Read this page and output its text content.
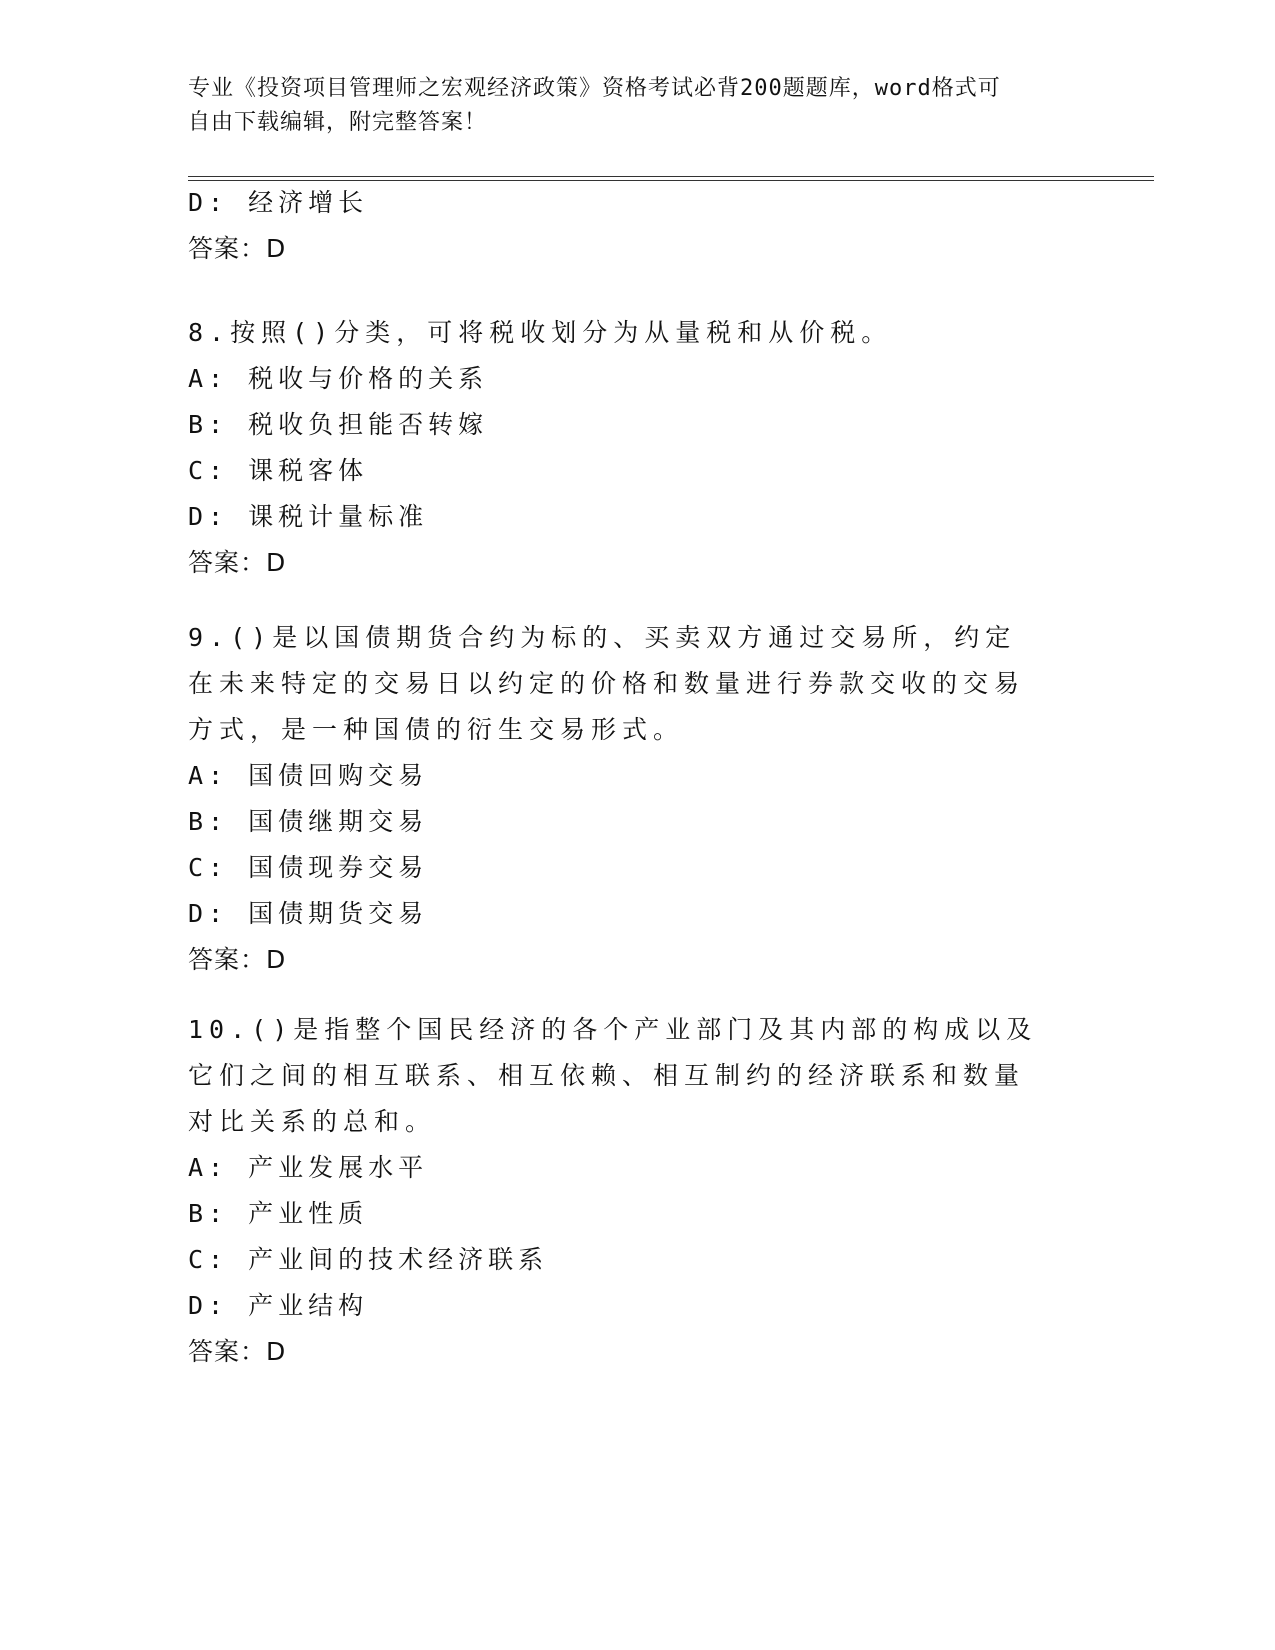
专业《投资项目管理师之宏观经济政策》资格考试必背200题题库，word格式可
自由下载编辑，附完整答案！
D: 经济增长
答案：D
8.按照()分类，可将税收划分为从量税和从价税。
A: 税收与价格的关系
B: 税收负担能否转嫁
C: 课税客体
D: 课税计量标准
答案：D
9.()是以国债期货合约为标的、买卖双方通过交易所，约定在未来特定的交易日以约定的价格和数量进行券款交收的交易方式，是一种国债的衍生交易形式。
A: 国债回购交易
B: 国债继期交易
C: 国债现券交易
D: 国债期货交易
答案：D
10.()是指整个国民经济的各个产业部门及其内部的构成以及它们之间的相互联系、相互依赖、相互制约的经济联系和数量对比关系的总和。
A: 产业发展水平
B: 产业性质
C: 产业间的技术经济联系
D: 产业结构
答案：D
